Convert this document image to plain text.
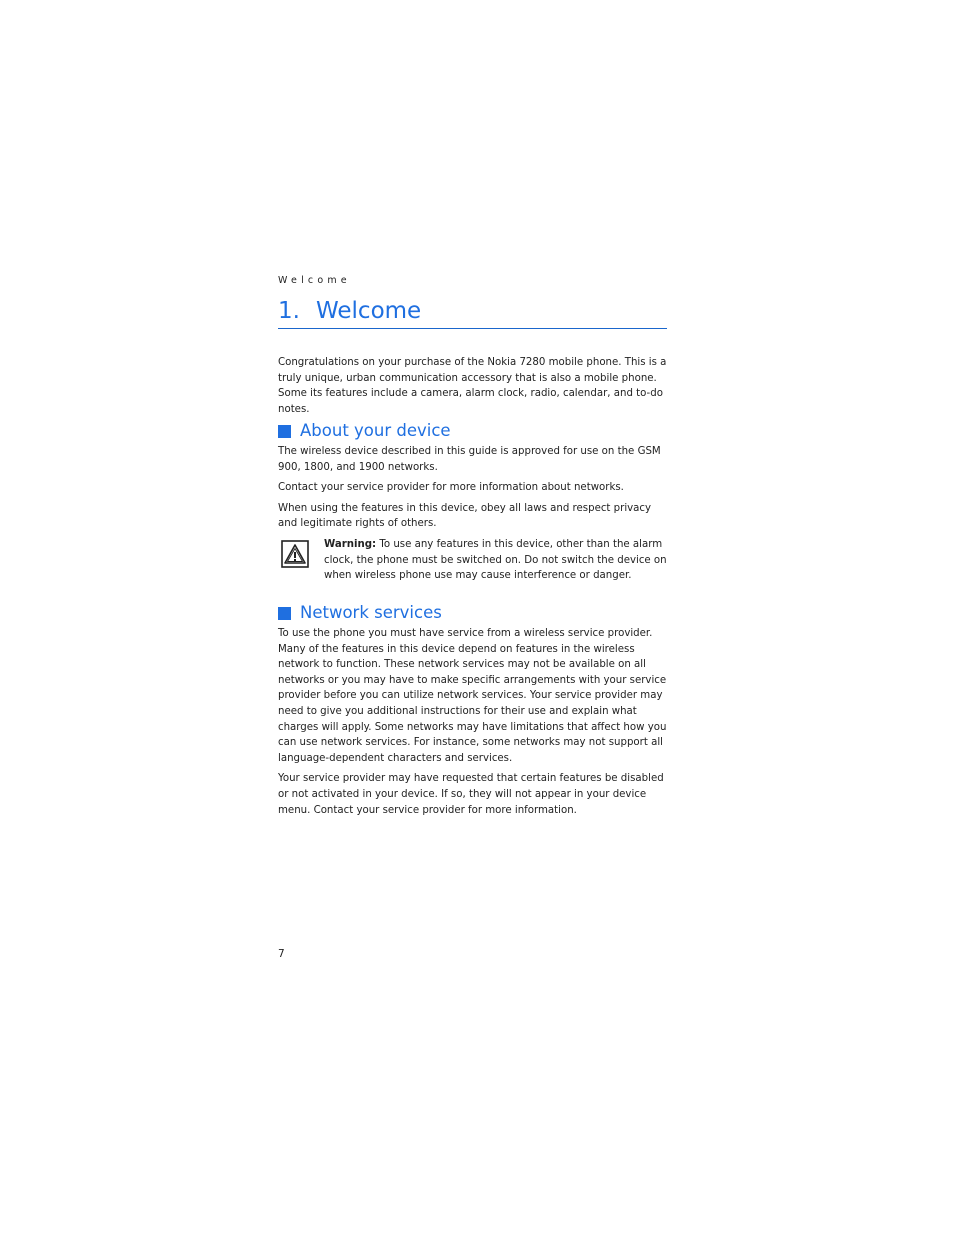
Welcome
1. Welcome

Congratulations on your purchase of the Nokia 7280 mobile phone. This is a truly unique, urban communication accessory that is also a mobile phone. Some its features include a camera, alarm clock, radio, calendar, and to-do notes.

About your device

The wireless device described in this guide is approved for use on the GSM 900, 1800, and 1900 networks.

Contact your service provider for more information about networks.

When using the features in this device, obey all laws and respect privacy and legitimate rights of others.

Warning: To use any features in this device, other than the alarm clock, the phone must be switched on. Do not switch the device on when wireless phone use may cause interference or danger.

Network services

To use the phone you must have service from a wireless service provider. Many of the features in this device depend on features in the wireless network to function. These network services may not be available on all networks or you may have to make specific arrangements with your service provider before you can utilize network services. Your service provider may need to give you additional instructions for their use and explain what charges will apply. Some networks may have limitations that affect how you can use network services. For instance, some networks may not support all language-dependent characters and services.

Your service provider may have requested that certain features be disabled or not activated in your device. If so, they will not appear in your device menu. Contact your service provider for more information.

7
